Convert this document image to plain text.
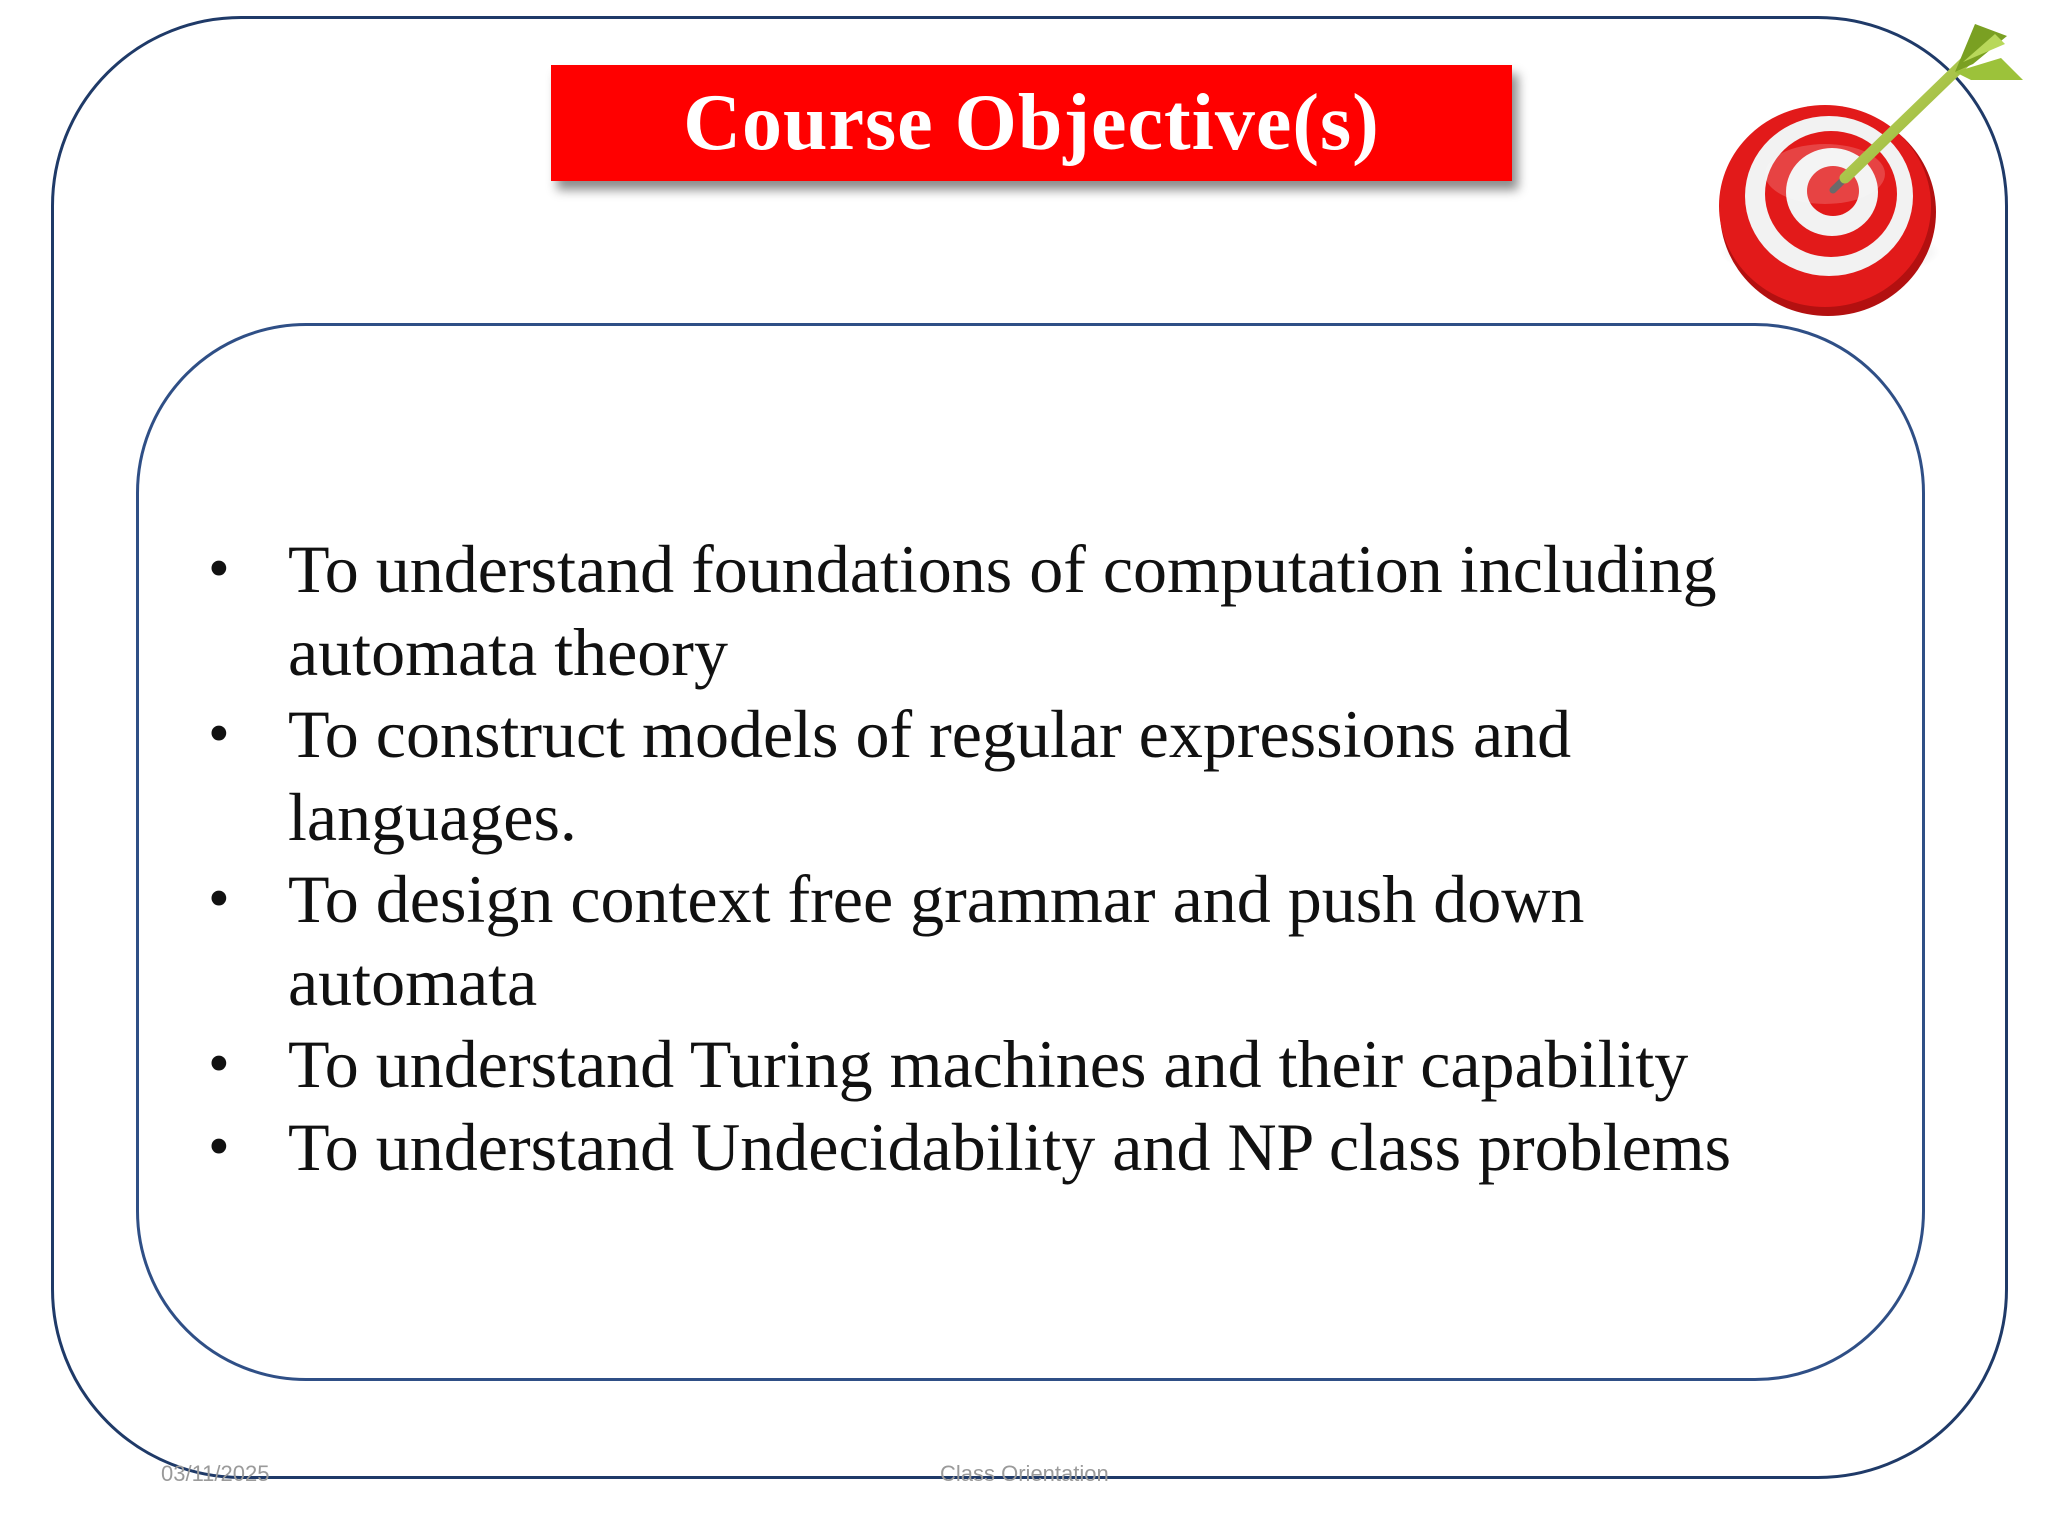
Course Objective(s)
• To understand foundations of computation including
automata theory
• To construct models of regular expressions and
languages.
• To design context free grammar and push down
automata
• To understand Turing machines and their capability
• To understand Undecidability and NP class problems
03/11/2025	Class Orientation
